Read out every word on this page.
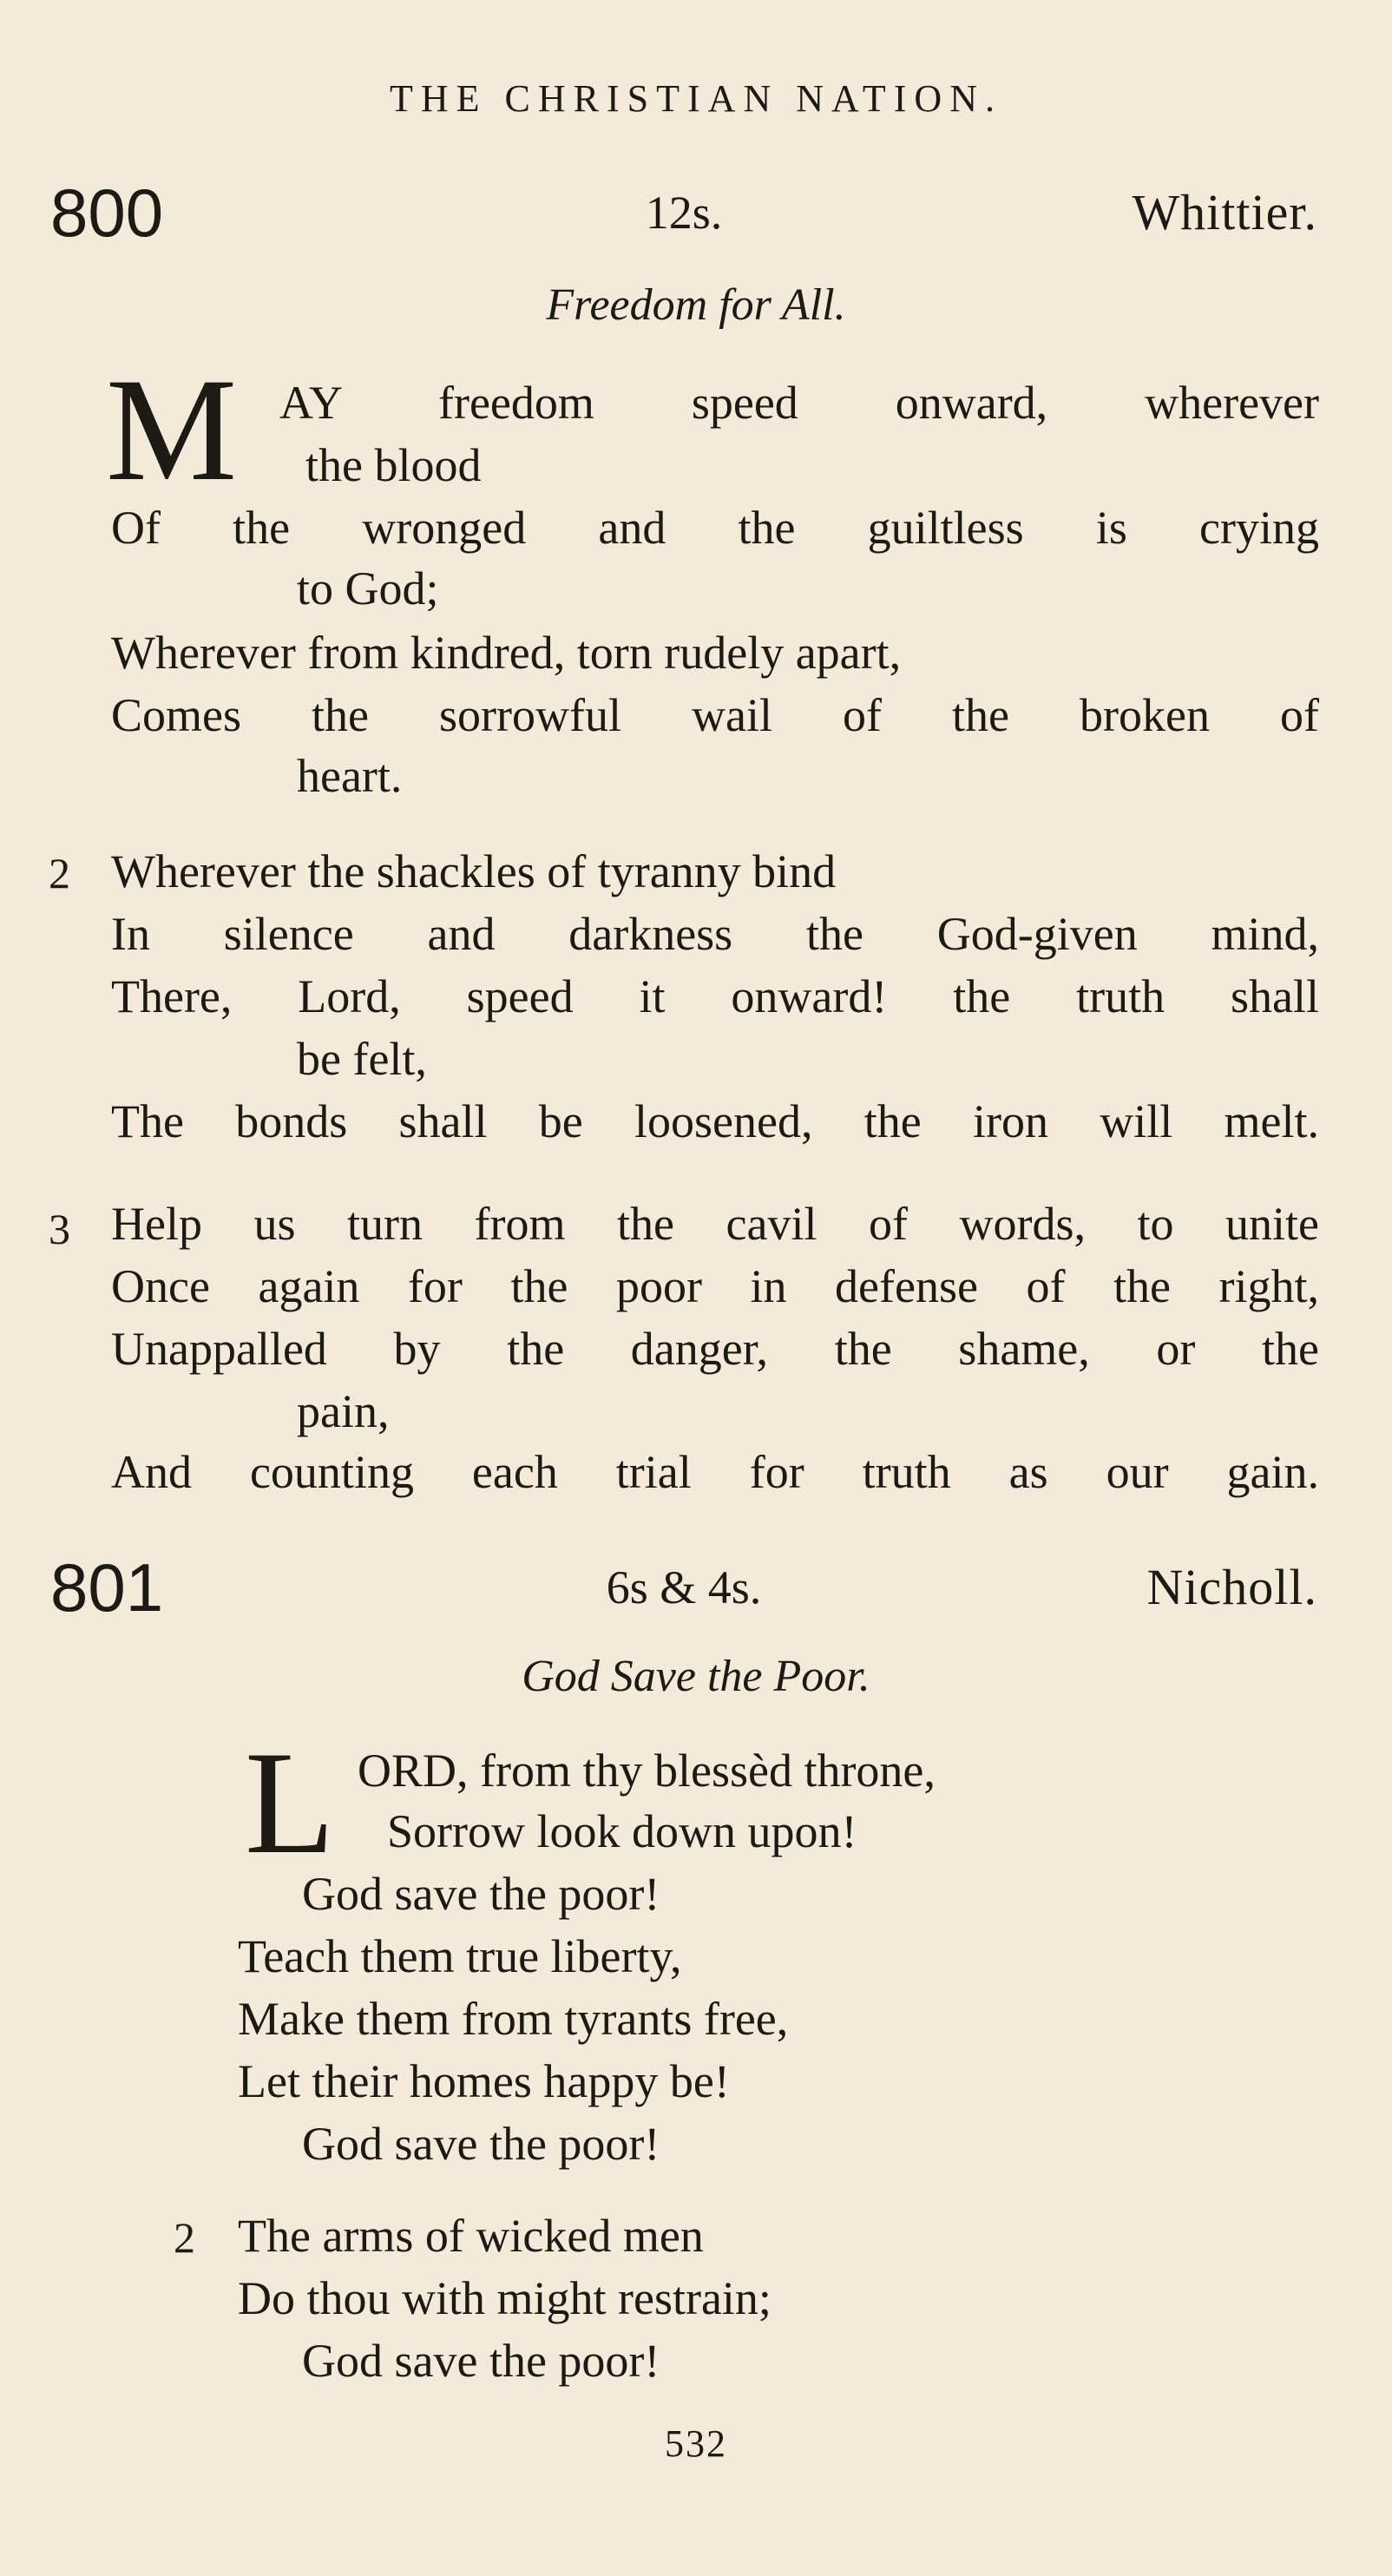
THE CHRISTIAN NATION.
800	12s.	Whittier.
Freedom for All.
M AY freedom speed onward, wherever
the blood
Of the wronged and the guiltless is crying
to God;
Wherever from kindred, torn rudely apart,
Comes the sorrowful wail of the broken of
heart.
2 Wherever the shackles of tyranny bind
In silence and darkness the God-given mind,
There, Lord, speed it onward! the truth shall
be felt,
The bonds shall be loosened, the iron will melt.
3 Help us turn from the cavil of words, to unite
Once again for the poor in defense of the right,
Unappalled by the danger, the shame, or the
pain,
And counting each trial for truth as our gain.
801	6s & 4s.	Nicholl.
God Save the Poor.
L ORD, from thy blessèd throne,
Sorrow look down upon!
God save the poor!
Teach them true liberty,
Make them from tyrants free,
Let their homes happy be!
God save the poor!
2 The arms of wicked men
Do thou with might restrain;
God save the poor!
532
